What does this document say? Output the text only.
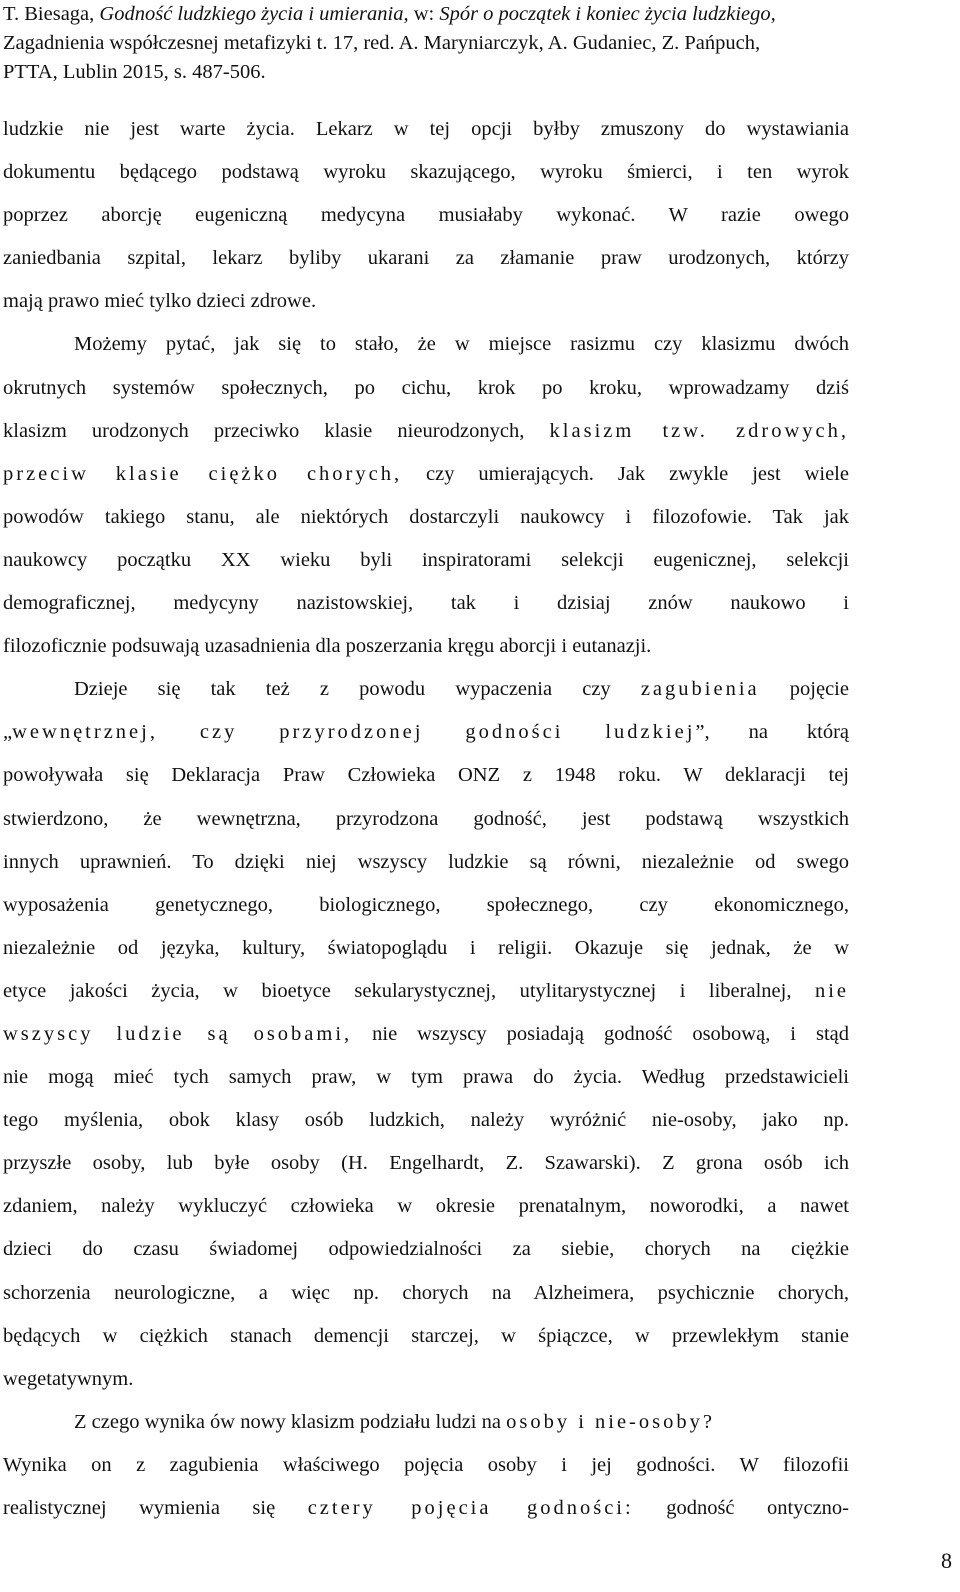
T. Biesaga, Godność ludzkiego życia i umierania, w: Spór o początek i koniec życia ludzkiego,
Zagadnienia współczesnej metafizyki t. 17, red. A. Maryniarczyk, A. Gudaniec, Z. Pańpuch,
PTTA, Lublin 2015, s. 487-506.
ludzkie nie jest warte życia. Lekarz w tej opcji byłby zmuszony do wystawiania
dokumentu będącego podstawą wyroku skazującego, wyroku śmierci, i ten wyrok
poprzez aborcję eugeniczną medycyna musiałaby wykonać. W razie owego
zaniedbania szpital, lekarz byliby ukarani za złamanie praw urodzonych, którzy
mają prawo mieć tylko dzieci zdrowe.
Możemy pytać, jak się to stało, że w miejsce rasizmu czy klasizmu dwóch
okrutnych systemów społecznych, po cichu, krok po kroku, wprowadzamy dziś
klasizm urodzonych przeciwko klasie nieurodzonych, klasizm tzw. zdrowych,
przeciw klasie ciężko chorych, czy umierających. Jak zwykle jest wiele
powodów takiego stanu, ale niektórych dostarczyli naukowcy i filozofowie. Tak jak
naukowcy początku XX wieku byli inspiratorami selekcji eugenicznej, selekcji
demograficznej, medycyny nazistowskiej, tak i dzisiaj znów naukowo i
filozoficznie podsuwają uzasadnienia dla poszerzania kręgu aborcji i eutanazji.
Dzieje się tak też z powodu wypaczenia czy zagubienia pojęcie
„wewnętrznej, czy przyrodzonej godności ludzkiej”, na którą
powoływała się Deklaracja Praw Człowieka ONZ z 1948 roku. W deklaracji tej
stwierdzono, że wewnętrzna, przyrodzona godność, jest podstawą wszystkich
innych uprawnień. To dzięki niej wszyscy ludzkie są równi, niezależnie od swego
wyposażenia genetycznego, biologicznego, społecznego, czy ekonomicznego,
niezależnie od języka, kultury, światopoglądu i religii. Okazuje się jednak, że w
etyce jakości życia, w bioetyce sekularystycznej, utylitarystycznej i liberalnej, nie
wszyscy ludzie są osobami, nie wszyscy posiadają godność osobową, i stąd
nie mogą mieć tych samych praw, w tym prawa do życia. Według przedstawicieli
tego myślenia, obok klasy osób ludzkich, należy wyróżnić nie-osoby, jako np.
przyszłe osoby, lub byłe osoby (H. Engelhardt, Z. Szawarski). Z grona osób ich
zdaniem, należy wykluczyć człowieka w okresie prenatalnym, noworodki, a nawet
dzieci do czasu świadomej odpowiedzialności za siebie, chorych na ciężkie
schorzenia neurologiczne, a więc np. chorych na Alzheimera, psychicznie chorych,
będących w ciężkich stanach demencji starczej, w śpiączce, w przewlekłym stanie
wegetatywnym.
Z czego wynika ów nowy klasizm podziału ludzi na osoby i nie-osoby?
Wynika on z zagubienia właściwego pojęcia osoby i jej godności. W filozofii
realistycznej wymienia się cztery pojęcia godności: godność ontyczno-
8
